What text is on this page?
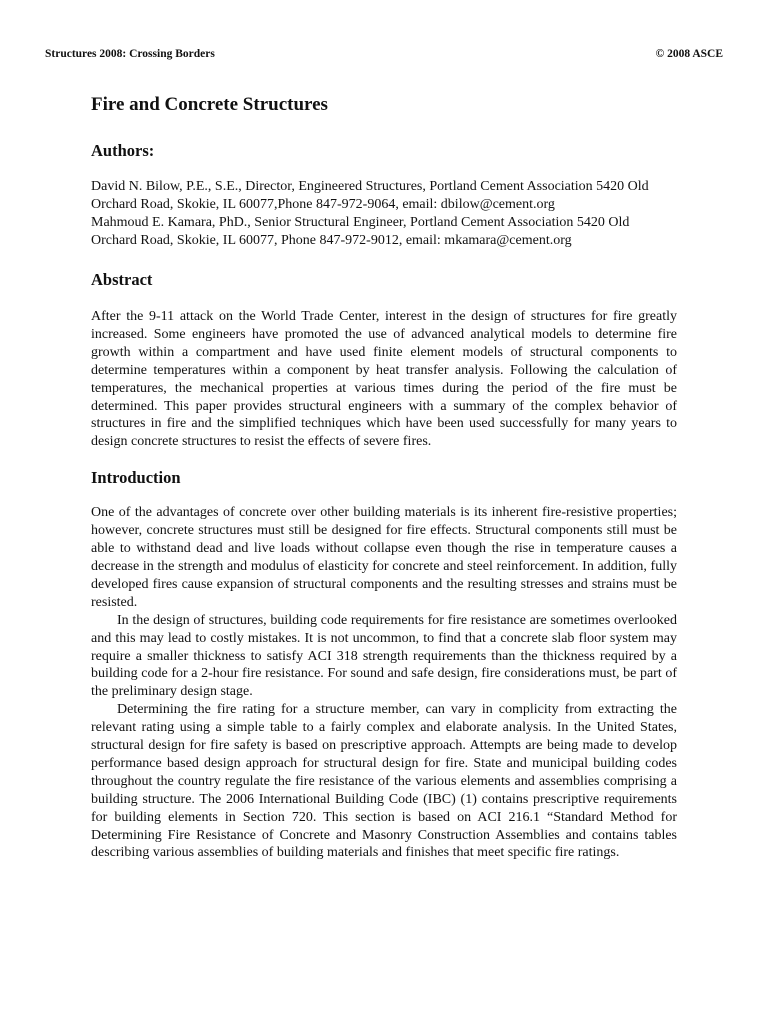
Structures 2008: Crossing Borders	© 2008 ASCE
Fire and Concrete Structures
Authors:

David N. Bilow, P.E., S.E., Director, Engineered Structures, Portland Cement Association 5420 Old Orchard Road, Skokie, IL 60077,Phone 847-972-9064, email: dbilow@cement.org

Mahmoud E. Kamara, PhD., Senior Structural Engineer, Portland Cement Association 5420 Old Orchard Road, Skokie, IL 60077, Phone 847-972-9012, email: mkamara@cement.org

Abstract

After the 9-11 attack on the World Trade Center, interest in the design of structures for fire greatly increased. Some engineers have promoted the use of advanced analytical models to determine fire growth within a compartment and have used finite element models of structural components to determine temperatures within a component by heat transfer analysis. Following the calculation of temperatures, the mechanical properties at various times during the period of the fire must be determined. This paper provides structural engineers with a summary of the complex behavior of structures in fire and the simplified techniques which have been used successfully for many years to design concrete structures to resist the effects of severe fires.

Introduction

One of the advantages of concrete over other building materials is its inherent fire-resistive properties; however, concrete structures must still be designed for fire effects. Structural components still must be able to withstand dead and live loads without collapse even though the rise in temperature causes a decrease in the strength and modulus of elasticity for concrete and steel reinforcement. In addition, fully developed fires cause expansion of structural components and the resulting stresses and strains must be resisted.

In the design of structures, building code requirements for fire resistance are sometimes overlooked and this may lead to costly mistakes. It is not uncommon, to find that a concrete slab floor system may require a smaller thickness to satisfy ACI 318 strength requirements than the thickness required by a building code for a 2-hour fire resistance. For sound and safe design, fire considerations must, be part of the preliminary design stage.

Determining the fire rating for a structure member, can vary in complicity from extracting the relevant rating using a simple table to a fairly complex and elaborate analysis. In the United States, structural design for fire safety is based on prescriptive approach. Attempts are being made to develop performance based design approach for structural design for fire. State and municipal building codes throughout the country regulate the fire resistance of the various elements and assemblies comprising a building structure. The 2006 International Building Code (IBC) (1) contains prescriptive requirements for building elements in Section 720. This section is based on ACI 216.1 “Standard Method for Determining Fire Resistance of Concrete and Masonry Construction Assemblies and contains tables describing various assemblies of building materials and finishes that meet specific fire ratings.
